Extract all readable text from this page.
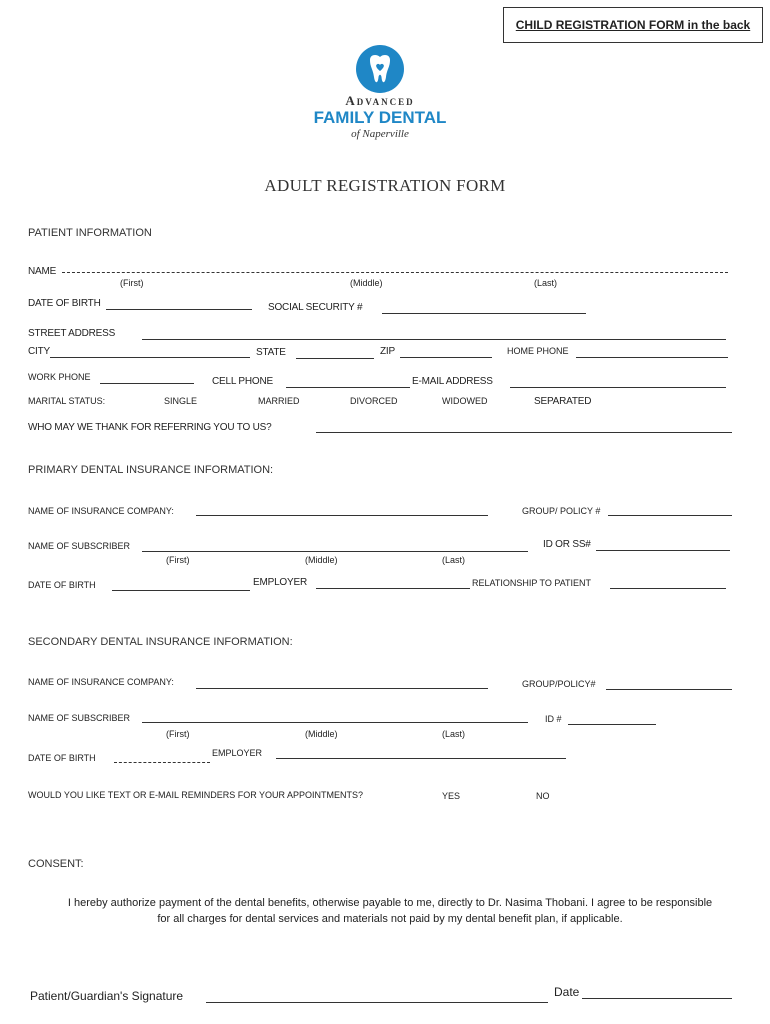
CHILD REGISTRATION FORM in the back
Advanced
FAMILY DENTAL
of Naperville
ADULT REGISTRATION FORM
PATIENT INFORMATION
NAME
(First)	(Middle)	(Last)
DATE OF BIRTH	SOCIAL SECURITY #
STREET ADDRESS
CITY	STATE	ZIP	HOME PHONE
WORK PHONE	CELL PHONE	E-MAIL ADDRESS
MARITAL STATUS:	SINGLE	MARRIED	DIVORCED	WIDOWED	SEPARATED
WHO MAY WE THANK FOR REFERRING YOU TO US?
PRIMARY DENTAL INSURANCE INFORMATION:
NAME OF INSURANCE COMPANY:	GROUP/ POLICY #
NAME OF SUBSCRIBER	ID OR SS#
(First)	(Middle)	(Last)
DATE OF BIRTH	EMPLOYER	RELATIONSHIP TO PATIENT
SECONDARY DENTAL INSURANCE INFORMATION:
NAME OF INSURANCE COMPANY:	GROUP/POLICY#
NAME OF SUBSCRIBER	ID #
(First)	(Middle)	(Last)
DATE OF BIRTH	EMPLOYER
WOULD YOU LIKE TEXT OR E-MAIL REMINDERS FOR YOUR APPOINTMENTS?	YES	NO
CONSENT:
I hereby authorize payment of the dental benefits, otherwise payable to me, directly to Dr. Nasima Thobani. I agree to be responsible for all charges for dental services and materials not paid by my dental benefit plan, if applicable.
Patient/Guardian's Signature	Date
